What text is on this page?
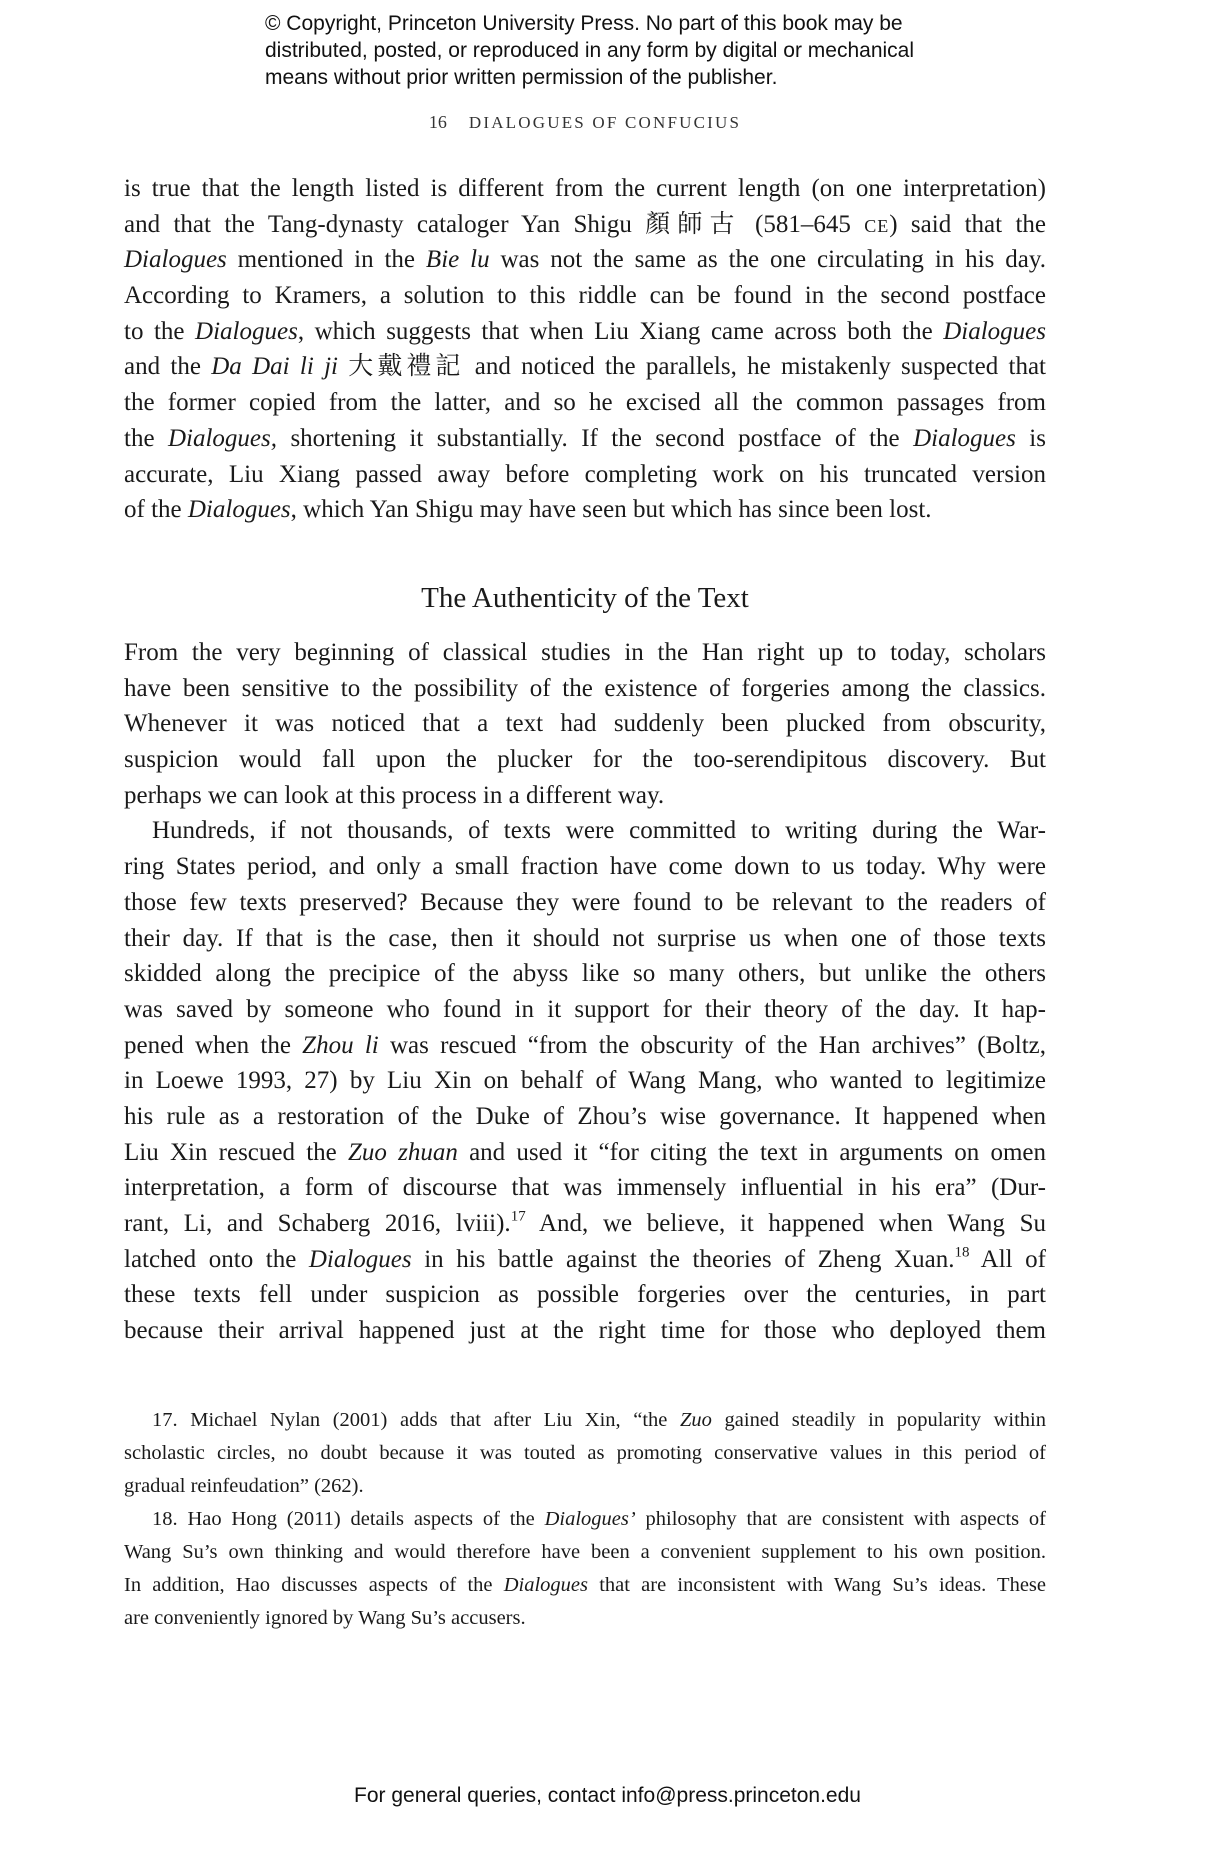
© Copyright, Princeton University Press. No part of this book may be
distributed, posted, or reproduced in any form by digital or mechanical
means without prior written permission of the publisher.
16 DIALOGUES OF CONFUCIUS
is true that the length listed is different from the current length (on one interpretation)
and that the Tang-dynasty cataloger Yan Shigu 顏師古 (581–645 ce) said that the
Dialogues mentioned in the Bie lu was not the same as the one circulating in his day.
According to Kramers, a solution to this riddle can be found in the second postface
to the Dialogues, which suggests that when Liu Xiang came across both the Dialogues
and the Da Dai li ji 大戴禮記 and noticed the parallels, he mistakenly suspected that
the former copied from the latter, and so he excised all the common passages from
the Dialogues, shortening it substantially. If the second postface of the Dialogues is
accurate, Liu Xiang passed away before completing work on his truncated version
of the Dialogues, which Yan Shigu may have seen but which has since been lost.
The Authenticity of the Text
From the very beginning of classical studies in the Han right up to today, scholars
have been sensitive to the possibility of the existence of forgeries among the classics.
Whenever it was noticed that a text had suddenly been plucked from obscurity,
suspicion would fall upon the plucker for the too-serendipitous discovery. But
perhaps we can look at this process in a different way.
Hundreds, if not thousands, of texts were committed to writing during the War-
ring States period, and only a small fraction have come down to us today. Why were
those few texts preserved? Because they were found to be relevant to the readers of
their day. If that is the case, then it should not surprise us when one of those texts
skidded along the precipice of the abyss like so many others, but unlike the others
was saved by someone who found in it support for their theory of the day. It hap-
pened when the Zhou li was rescued “from the obscurity of the Han archives” (Boltz,
in Loewe 1993, 27) by Liu Xin on behalf of Wang Mang, who wanted to legitimize
his rule as a restoration of the Duke of Zhou’s wise governance. It happened when
Liu Xin rescued the Zuo zhuan and used it “for citing the text in arguments on omen
interpretation, a form of discourse that was immensely influential in his era” (Dur-
rant, Li, and Schaberg 2016, lviii).$^{17}$ And, we believe, it happened when Wang Su
latched onto the Dialogues in his battle against the theories of Zheng Xuan.$^{18}$ All of
these texts fell under suspicion as possible forgeries over the centuries, in part
because their arrival happened just at the right time for those who deployed them
17. Michael Nylan (2001) adds that after Liu Xin, “the Zuo gained steadily in popularity within
scholastic circles, no doubt because it was touted as promoting conservative values in this period of
gradual reinfeudation” (262).
18. Hao Hong (2011) details aspects of the Dialogues’ philosophy that are consistent with aspects of
Wang Su’s own thinking and would therefore have been a convenient supplement to his own position.
In addition, Hao discusses aspects of the Dialogues that are inconsistent with Wang Su’s ideas. These
are conveniently ignored by Wang Su’s accusers.
For general queries, contact info@press.princeton.edu
